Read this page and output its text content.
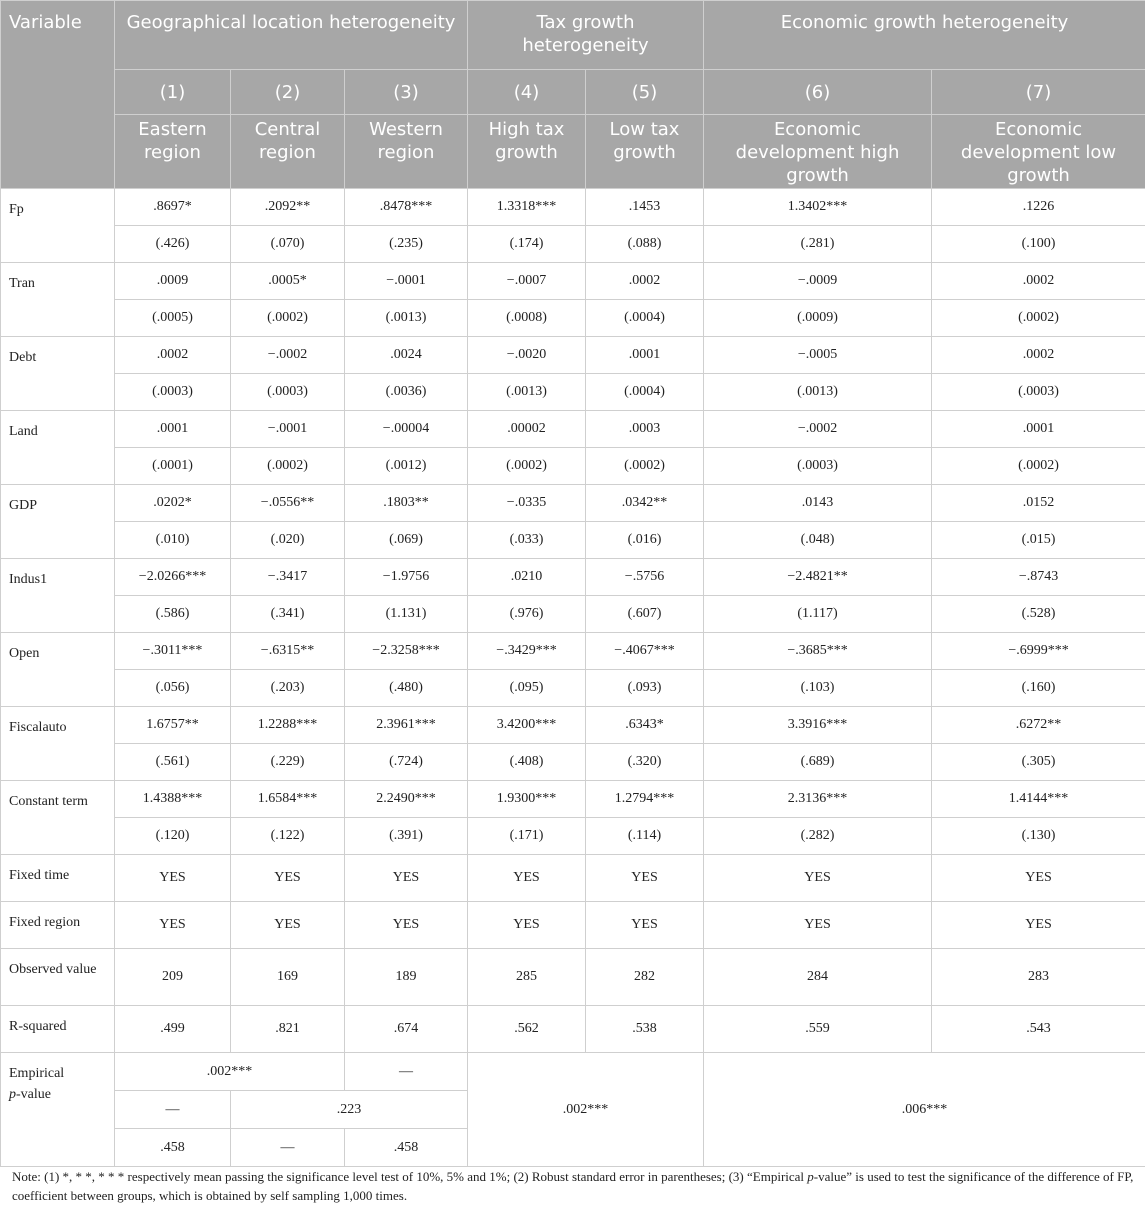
Variable	Geographical location heterogeneity			Tax growth heterogeneity		Economic growth heterogeneity	
	(1)	(2)	(3)	(4)	(5)	(6)	(7)
	Eastern region	Central region	Western region	High tax growth	Low tax growth	Economic development high growth	Economic development low growth
Fp	.8697*	.2092**	.8478***	1.3318***	.1453	1.3402***	.1226
	(.426)	(.070)	(.235)	(.174)	(.088)	(.281)	(.100)
Tran	.0009	.0005*	−.0001	−.0007	.0002	−.0009	.0002
	(.0005)	(.0002)	(.0013)	(.0008)	(.0004)	(.0009)	(.0002)
Debt	.0002	−.0002	.0024	−.0020	.0001	−.0005	.0002
	(.0003)	(.0003)	(.0036)	(.0013)	(.0004)	(.0013)	(.0003)
Land	.0001	−.0001	−.00004	.00002	.0003	−.0002	.0001
	(.0001)	(.0002)	(.0012)	(.0002)	(.0002)	(.0003)	(.0002)
GDP	.0202*	−.0556**	.1803**	−.0335	.0342**	.0143	.0152
	(.010)	(.020)	(.069)	(.033)	(.016)	(.048)	(.015)
Indus1	−2.0266***	−.3417	−1.9756	.0210	−.5756	−2.4821**	−.8743
	(.586)	(.341)	(1.131)	(.976)	(.607)	(1.117)	(.528)
Open	−.3011***	−.6315**	−2.3258***	−.3429***	−.4067***	−.3685***	−.6999***
	(.056)	(.203)	(.480)	(.095)	(.093)	(.103)	(.160)
Fiscalauto	1.6757**	1.2288***	2.3961***	3.4200***	.6343*	3.3916***	.6272**
	(.561)	(.229)	(.724)	(.408)	(.320)	(.689)	(.305)
Constant term	1.4388***	1.6584***	2.2490***	1.9300***	1.2794***	2.3136***	1.4144***
	(.120)	(.122)	(.391)	(.171)	(.114)	(.282)	(.130)
Fixed time	YES	YES	YES	YES	YES	YES	YES
Fixed region	YES	YES	YES	YES	YES	YES	YES
Observed value	209	169	189	285	282	284	283
R-squared	.499	.821	.674	.562	.538	.559	.543
Empirical
p-value	.002***		—	.002***		.006***	
	—	.223					
	.458	—	.458				
Note: (1) *, * *, * * * respectively mean passing the significance level test of 10%, 5% and 1%; (2) Robust standard error in parentheses; (3) “Empirical p-value” is used to test the significance of the difference of FP, coefficient between groups, which is obtained by self sampling 1,000 times.
